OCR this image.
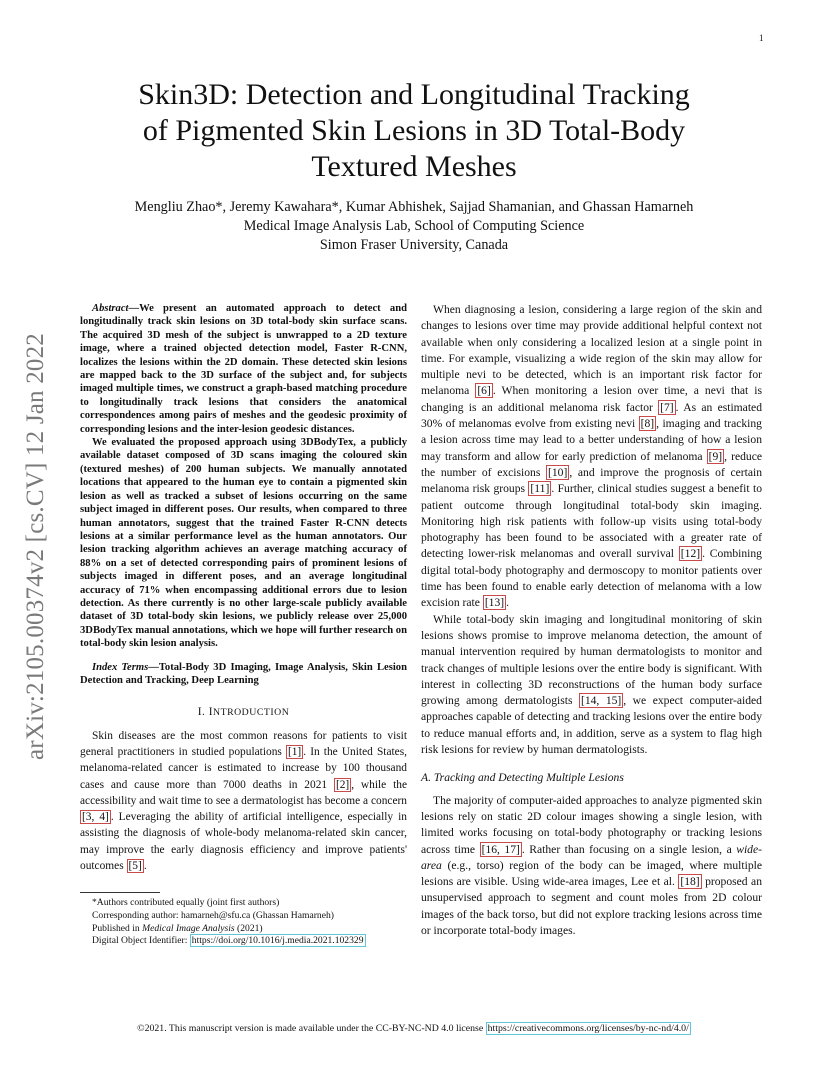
1
arXiv:2105.00374v2 [cs.CV] 12 Jan 2022
Skin3D: Detection and Longitudinal Tracking
of Pigmented Skin Lesions in 3D Total-Body
Textured Meshes
Mengliu Zhao*, Jeremy Kawahara*, Kumar Abhishek, Sajjad Shamanian, and Ghassan Hamarneh
Medical Image Analysis Lab, School of Computing Science
Simon Fraser University, Canada

Abstract—We present an automated approach to detect and longitudinally track skin lesions on 3D total-body skin surface scans. The acquired 3D mesh of the subject is unwrapped to a 2D texture image, where a trained objected detection model, Faster R-CNN, localizes the lesions within the 2D domain. These detected skin lesions are mapped back to the 3D surface of the subject and, for subjects imaged multiple times, we construct a graph-based matching procedure to longitudinally track lesions that considers the anatomical correspondences among pairs of meshes and the geodesic proximity of corresponding lesions and the inter-lesion geodesic distances.

We evaluated the proposed approach using 3DBodyTex, a publicly available dataset composed of 3D scans imaging the coloured skin (textured meshes) of 200 human subjects. We manually annotated locations that appeared to the human eye to contain a pigmented skin lesion as well as tracked a subset of lesions occurring on the same subject imaged in different poses. Our results, when compared to three human annotators, suggest that the trained Faster R-CNN detects lesions at a similar performance level as the human annotators. Our lesion tracking algorithm achieves an average matching accuracy of 88% on a set of detected corresponding pairs of prominent lesions of subjects imaged in different poses, and an average longitudinal accuracy of 71% when encompassing additional errors due to lesion detection. As there currently is no other large-scale publicly available dataset of 3D total-body skin lesions, we publicly release over 25,000 3DBodyTex manual annotations, which we hope will further research on total-body skin lesion analysis.

Index Terms—Total-Body 3D Imaging, Image Analysis, Skin Lesion Detection and Tracking, Deep Learning

I. INTRODUCTION

Skin diseases are the most common reasons for patients to visit general practitioners in studied populations [1] . In the United States, melanoma-related cancer is estimated to increase by 100 thousand cases and cause more than 7000 deaths in 2021 [2] , while the accessibility and wait time to see a dermatologist has become a concern [3, 4] . Leveraging the ability of artificial intelligence, especially in assisting the diagnosis of whole-body melanoma-related skin cancer, may improve the early diagnosis efficiency and improve patients' outcomes [5] .

*Authors contributed equally (joint first authors)

Corresponding author: hamarneh@sfu.ca (Ghassan Hamarneh)

Published in Medical Image Analysis (2021)

Digital Object Identifier: https://doi.org/10.1016/j.media.2021.102329

When diagnosing a lesion, considering a large region of the skin and changes to lesions over time may provide additional helpful context not available when only considering a localized lesion at a single point in time. For example, visualizing a wide region of the skin may allow for multiple nevi to be detected, which is an important risk factor for melanoma [6] . When monitoring a lesion over time, a nevi that is changing is an additional melanoma risk factor [7] . As an estimated 30% of melanomas evolve from existing nevi [8] , imaging and tracking a lesion across time may lead to a better understanding of how a lesion may transform and allow for early prediction of melanoma [9] , reduce the number of excisions [10] , and improve the prognosis of certain melanoma risk groups [11] . Further, clinical studies suggest a benefit to patient outcome through longitudinal total-body skin imaging. Monitoring high risk patients with follow-up visits using total-body photography has been found to be associated with a greater rate of detecting lower-risk melanomas and overall survival [12] . Combining digital total-body photography and dermoscopy to monitor patients over time has been found to enable early detection of melanoma with a low excision rate [13] .

While total-body skin imaging and longitudinal monitoring of skin lesions shows promise to improve melanoma detection, the amount of manual intervention required by human dermatologists to monitor and track changes of multiple lesions over the entire body is significant. With interest in collecting 3D reconstructions of the human body surface growing among dermatologists [14, 15] , we expect computer-aided approaches capable of detecting and tracking lesions over the entire body to reduce manual efforts and, in addition, serve as a system to flag high risk lesions for review by human dermatologists.

A. Tracking and Detecting Multiple Lesions

The majority of computer-aided approaches to analyze pigmented skin lesions rely on static 2D colour images showing a single lesion, with limited works focusing on total-body photography or tracking lesions across time [16, 17] . Rather than focusing on a single lesion, a wide-area (e.g., torso) region of the body can be imaged, where multiple lesions are visible. Using wide-area images, Lee et al. [18] proposed an unsupervised approach to segment and count moles from 2D colour images of the back torso, but did not explore tracking lesions across time or incorporate total-body images.

©2021. This manuscript version is made available under the CC-BY-NC-ND 4.0 license https://creativecommons.org/licenses/by-nc-nd/4.0/
